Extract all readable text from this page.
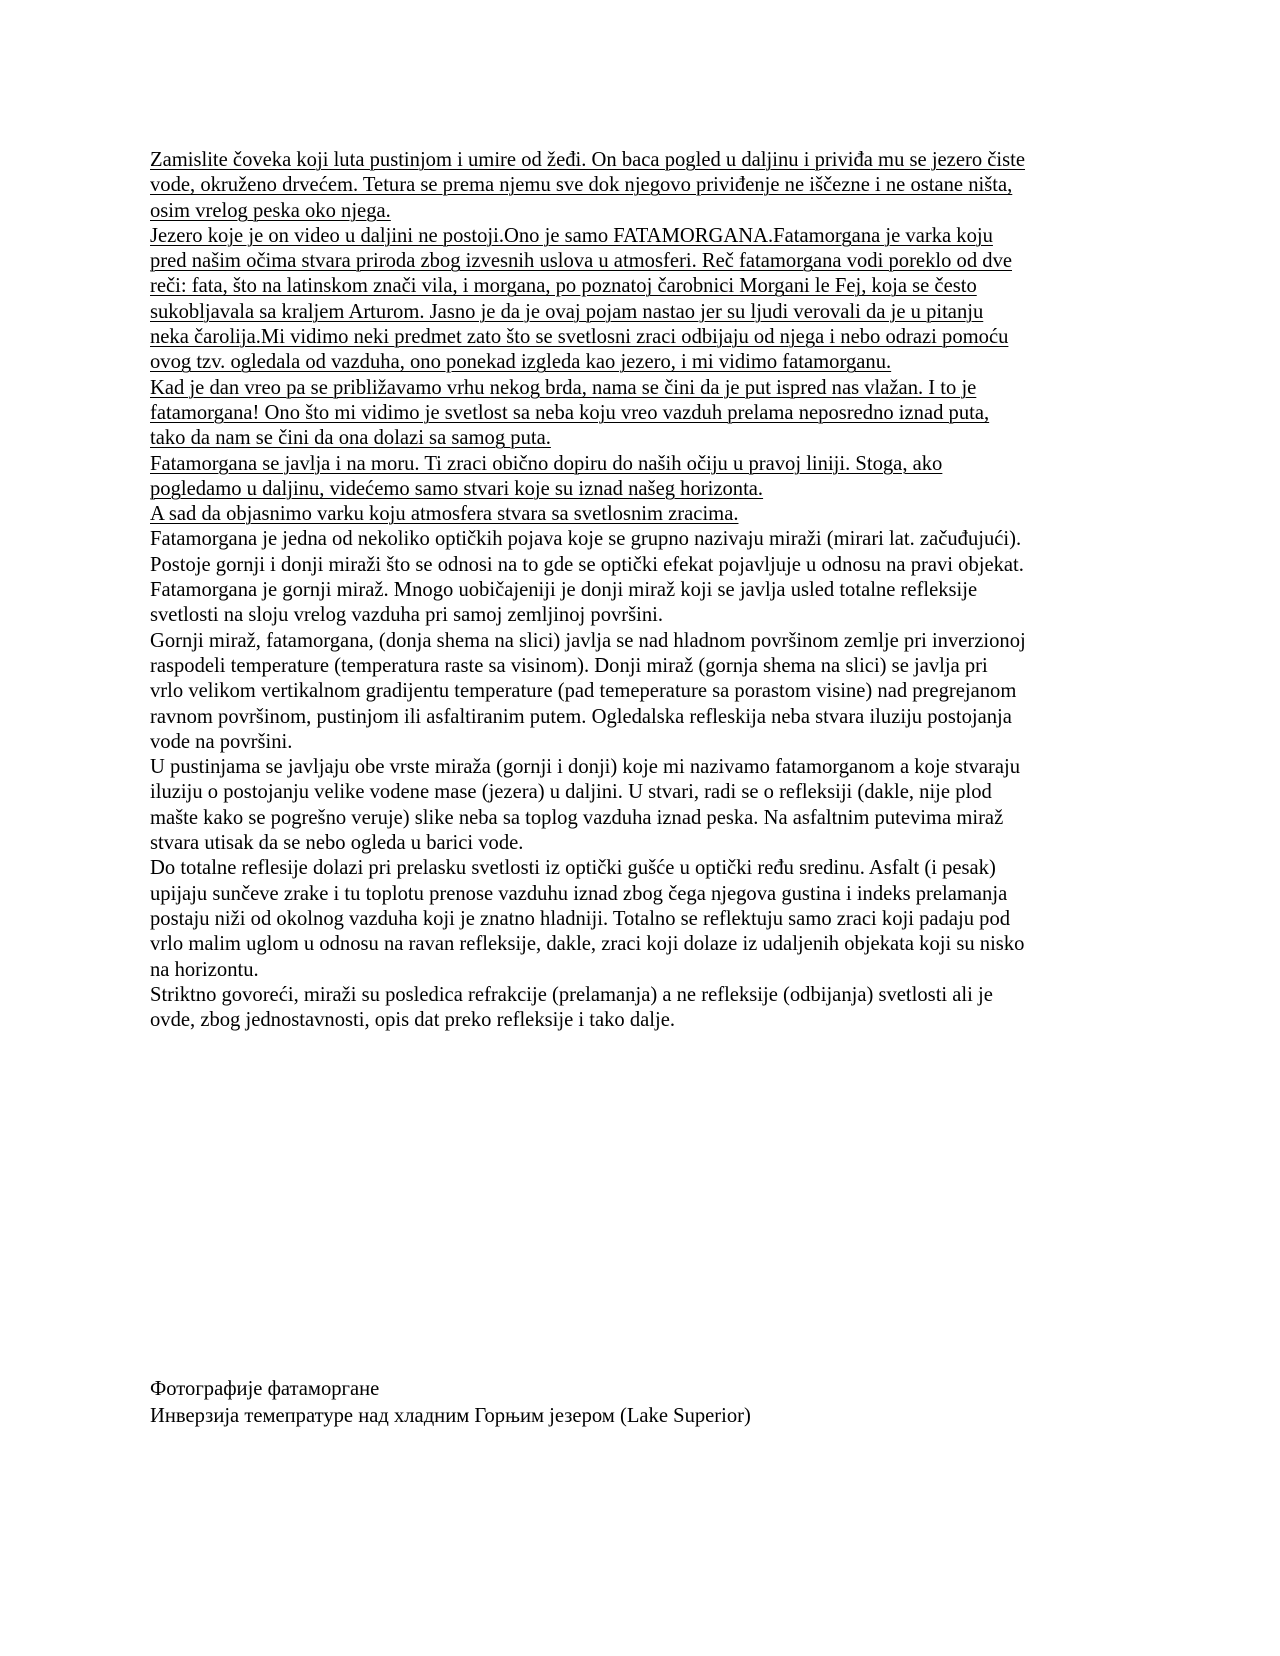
Zamislite čoveka koji luta pustinjom i umire od žeđi. On baca pogled u daljinu i priviđa mu se jezero čiste
vode, okruženo drvećem. Tetura se prema njemu sve dok njegovo priviđenje ne iščezne i ne ostane ništa,
osim vrelog peska oko njega.
Jezero koje je on video u daljini ne postoji.Ono je samo FATAMORGANA.Fatamorgana je varka koju
pred našim očima stvara priroda zbog izvesnih uslova u atmosferi. Reč fatamorgana vodi poreklo od dve
reči: fata, što na latinskom znači vila, i morgana, po poznatoj čarobnici Morgani le Fej, koja se često
sukobljavala sa kraljem Arturom. Jasno je da je ovaj pojam nastao jer su ljudi verovali da je u pitanju
neka čarolija.Mi vidimo neki predmet zato što se svetlosni zraci odbijaju od njega i nebo odrazi pomoću
ovog tzv. ogledala od vazduha, ono ponekad izgleda kao jezero, i mi vidimo fatamorganu.
Kad je dan vreo pa se približavamo vrhu nekog brda, nama se čini da je put ispred nas vlažan. I to je
fatamorgana! Ono što mi vidimo je svetlost sa neba koju vreo vazduh prelama neposredno iznad puta,
tako da nam se čini da ona dolazi sa samog puta.
Fatamorgana se javlja i na moru. Ti zraci obično dopiru do naših očiju u pravoj liniji. Stoga, ako
pogledamo u daljinu, videćemo samo stvari koje su iznad našeg horizonta.
A sad da objasnimo varku koju atmosfera stvara sa svetlosnim zracima.
Fatamorgana je jedna od nekoliko optičkih pojava koje se grupno nazivaju miraži (mirari lat. začuđujući).
Postoje gornji i donji miraži što se odnosi na to gde se optički efekat pojavljuje u odnosu na pravi objekat.
Fatamorgana je gornji miraž. Mnogo uobičajeniji je donji miraž koji se javlja usled totalne refleksije
svetlosti na sloju vrelog vazduha pri samoj zemljinoj površini.
Gornji miraž, fatamorgana, (donja shema na slici) javlja se nad hladnom površinom zemlje pri inverzionoj
raspodeli temperature (temperatura raste sa visinom). Donji miraž (gornja shema na slici) se javlja pri
vrlo velikom vertikalnom gradijentu temperature (pad temeperature sa porastom visine) nad pregrejanom
ravnom površinom, pustinjom ili asfaltiranim putem. Ogledalska refleskija neba stvara iluziju postojanja
vode na površini.
U pustinjama se javljaju obe vrste miraža (gornji i donji) koje mi nazivamo fatamorganom a koje stvaraju
iluziju o postojanju velike vodene mase (jezera) u daljini. U stvari, radi se o refleksiji (dakle, nije plod
mašte kako se pogrešno veruje) slike neba sa toplog vazduha iznad peska. Na asfaltnim putevima miraž
stvara utisak da se nebo ogleda u barici vode.
Do totalne reflesije dolazi pri prelasku svetlosti iz optički gušće u optički ređu sredinu. Asfalt (i pesak)
upijaju sunčeve zrake i tu toplotu prenose vazduhu iznad zbog čega njegova gustina i indeks prelamanja
postaju niži od okolnog vazduha koji je znatno hladniji. Totalno se reflektuju samo zraci koji padaju pod
vrlo malim uglom u odnosu na ravan refleksije, dakle, zraci koji dolaze iz udaljenih objekata koji su nisko
na horizontu.
Striktno govoreći, miraži su posledica refrakcije (prelamanja) a ne refleksije (odbijanja) svetlosti ali je
ovde, zbog jednostavnosti, opis dat preko refleksije i tako dalje.
Фотографије фатаморгане
Инверзија темепратуре над хладним Горњим језером (Lake Superior)
